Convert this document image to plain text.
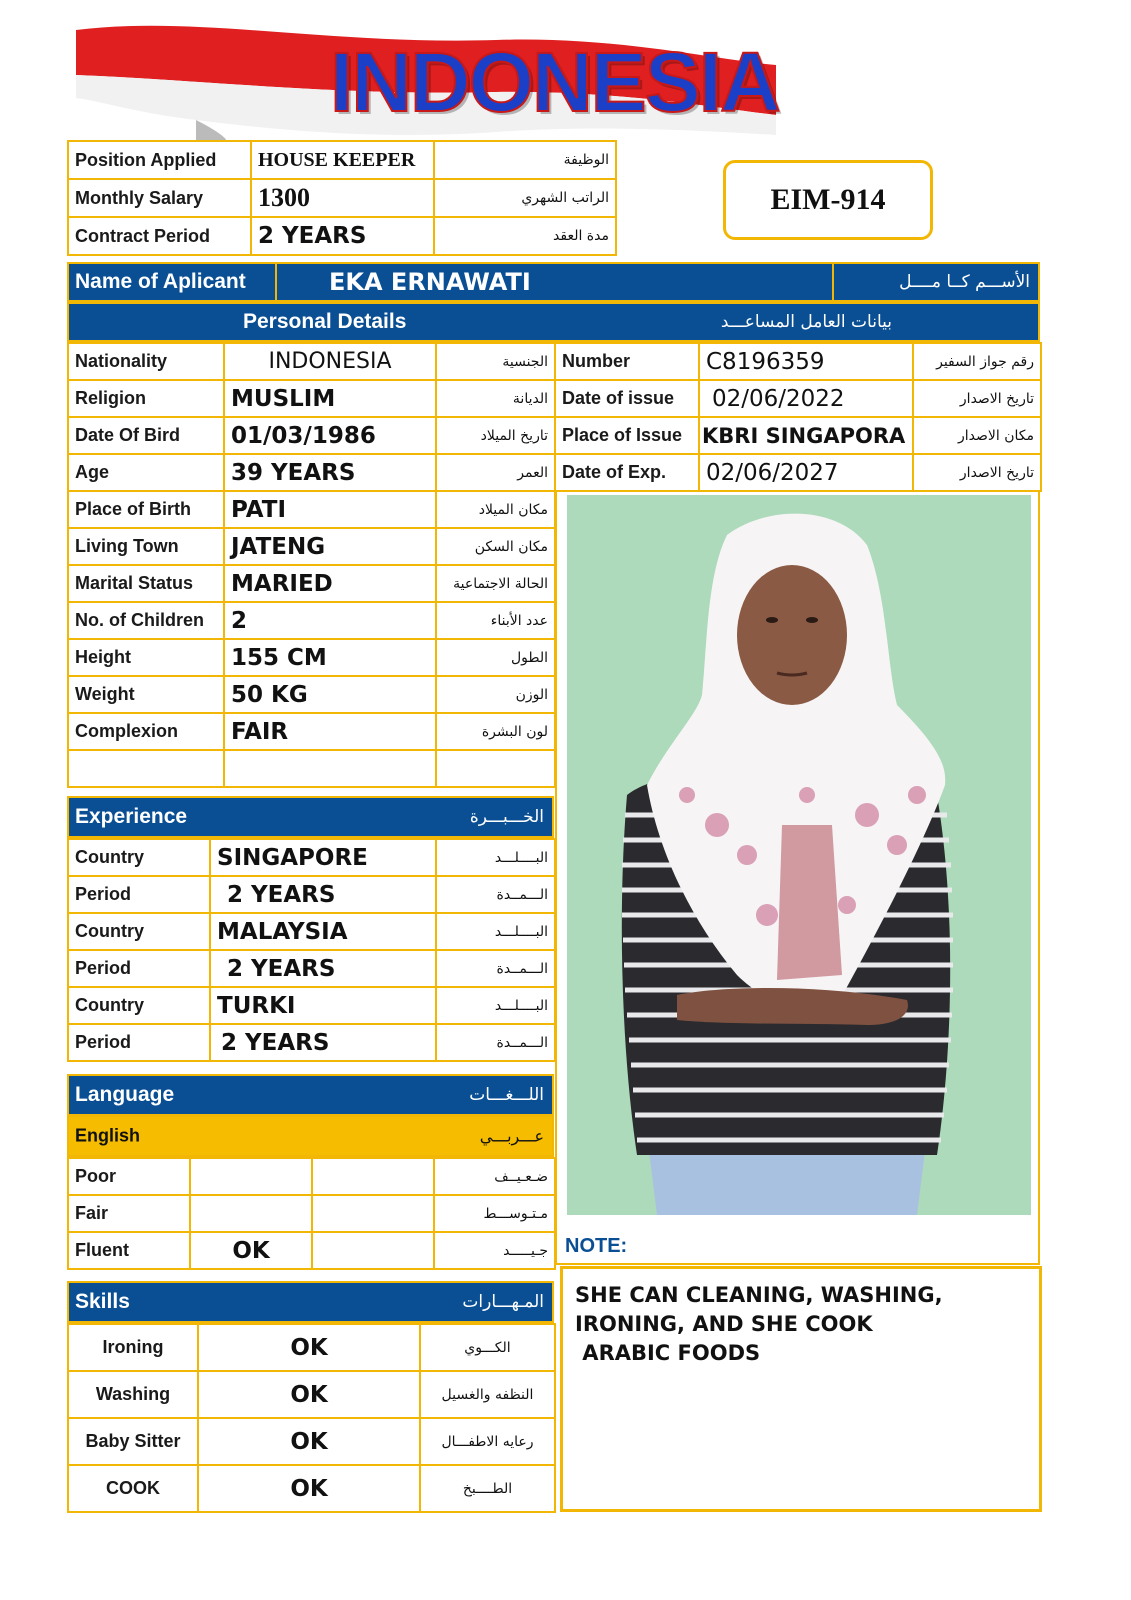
INDONESIA
Position Applied	HOUSE KEEPER	الوظيفة
Monthly Salary	1300	الراتب الشهري
Contract Period	2 YEARS	مدة العقد
EIM-914
Name of Aplicant	EKA ERNAWATI	الأســـم كــا مــــل
Personal Details	بيانات العامل المساعـــد
Nationality	INDONESIA	الجنسية
Religion	MUSLIM	الديانة
Date Of Bird	01/03/1986	تاريخ الميلاد
Age	39 YEARS	العمر
Place of Birth	PATI	مكان الميلاد
Living Town	JATENG	مكان السكن
Marital Status	MARIED	الحالة الاجتماعية
No. of Children	2	عدد الأبناء
Height	155 CM	الطول
Weight	50 KG	الوزن
Complexion	FAIR	لون البشرة

Number	C8196359	رقم جواز السفير
Date of issue	02/06/2022	تاريخ الاصدار
Place of Issue	KBRI SINGAPORA	مكان الاصدار
Date of Exp.	02/06/2027	تاريخ الاصدار
Experience	الخـــبـــرة
Country	SINGAPORE	البــــلـــد
Period	2 YEARS	الـــمــدة
Country	MALAYSIA	البــــلـــد
Period	2 YEARS	الـــمــدة
Country	TURKI	البــــلـــد
Period	2 YEARS	الـــمــدة
Language	اللـــغـــات
English	عـــربـــي
Poor			ضـعـيــف
Fair			مـتـوســـط
Fluent	OK		جـيـــــد
Skills	المـهـــارات
Ironing	OK	الكـــوي
Washing	OK	النظفه والغسيل
Baby Sitter	OK	رعايه الاطفـــال
COOK	OK	الطــــبخ
NOTE:
SHE CAN CLEANING, WASHING,
IRONING, AND SHE COOK
ARABIC FOODS
